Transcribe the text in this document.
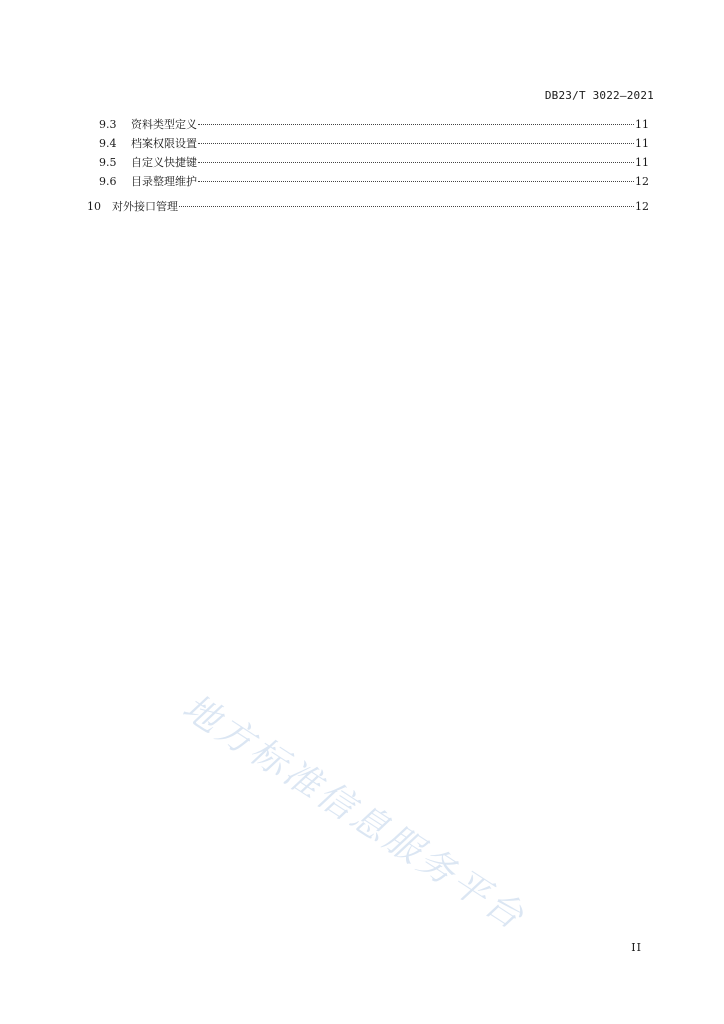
DB23/T 3022—2021
9.3	资料类型定义	11
9.4	档案权限设置	11
9.5	自定义快捷键	11
9.6	目录整理维护	12
10	对外接口管理	12
地方标准信息服务平台
II
